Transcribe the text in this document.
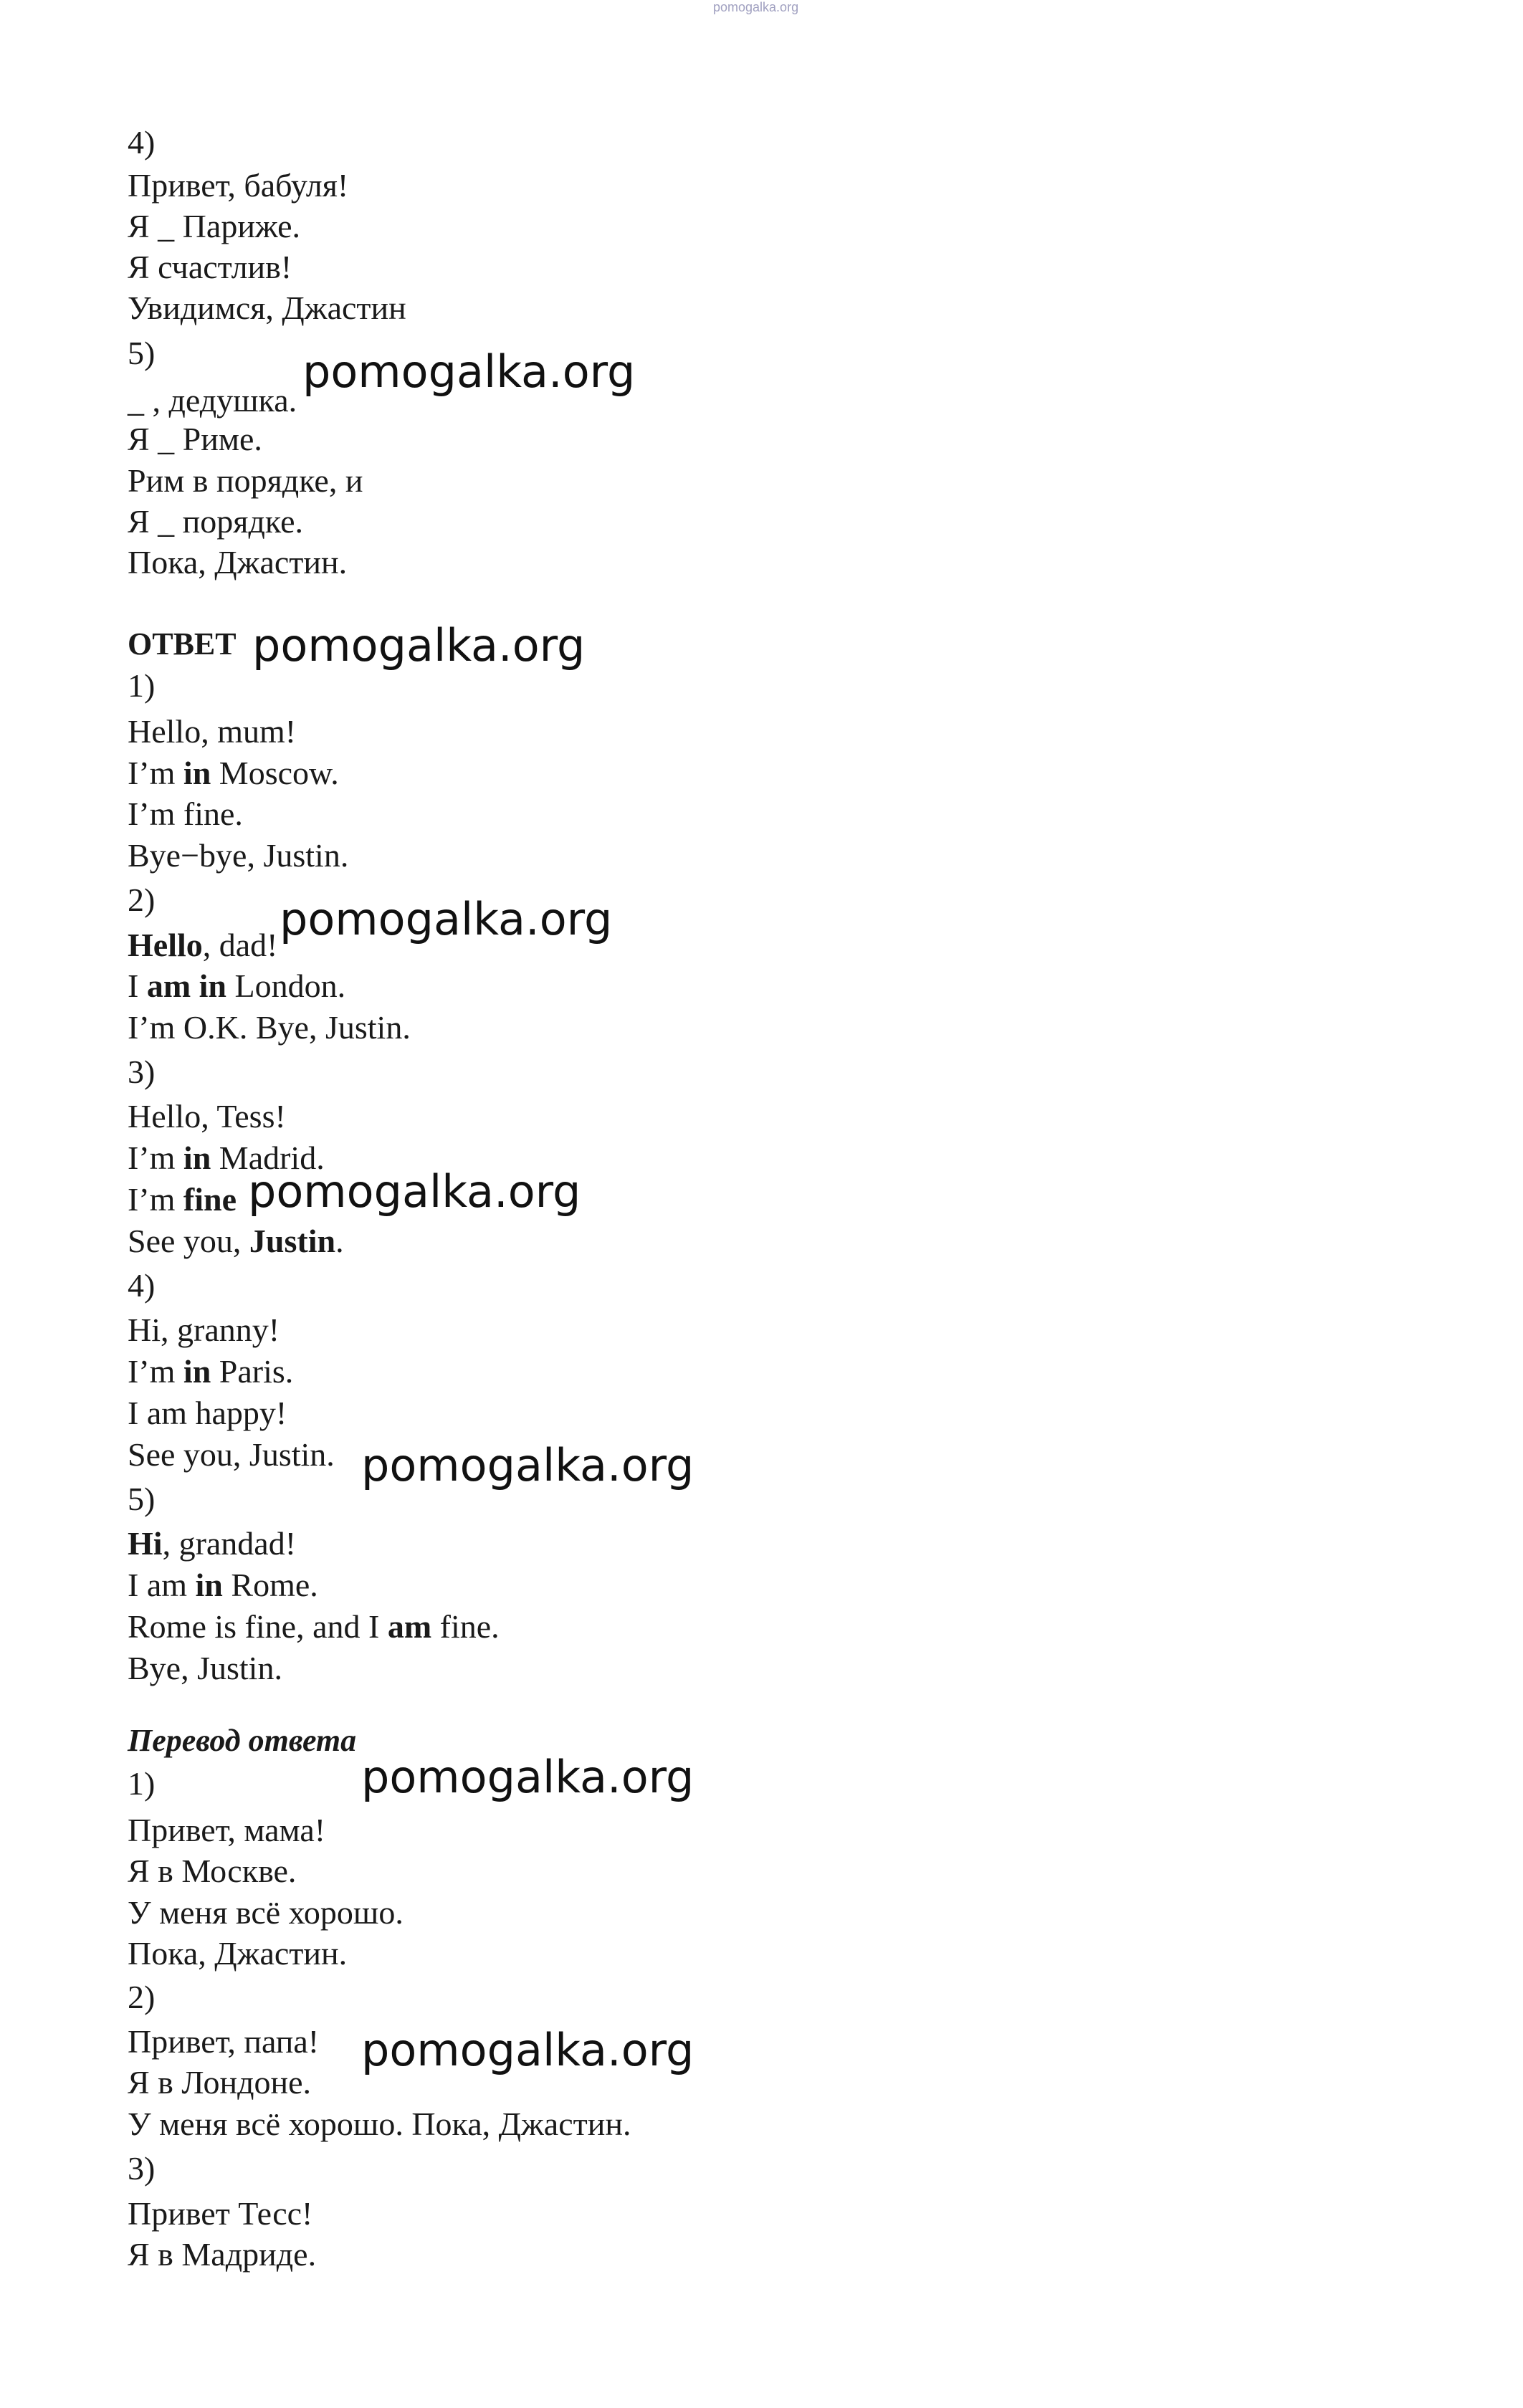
pomogalka.org
4)
Привет, бабуля!
Я _ Париже.
Я счастлив!
Увидимся, Джастин
5)
_ , дедушка.
Я _ Риме.
Рим в порядке, и
Я _ порядке.
Пока, Джастин.
ОТВЕТ
1)
Hello, mum!
I’m in Moscow.
I’m fine.
Bye−bye, Justin.
2)
Hello, dad!
I am in London.
I’m O.K. Bye, Justin.
3)
Hello, Tess!
I’m in Madrid.
I’m fine
See you, Justin.
4)
Hi, granny!
I’m in Paris.
I am happy!
See you, Justin.
5)
Hi, grandad!
I am in Rome.
Rome is fine, and I am fine.
Bye, Justin.
Перевод ответа
1)
Привет, мама!
Я в Москве.
У меня всё хорошо.
Пока, Джастин.
2)
Привет, папа!
Я в Лондоне.
У меня всё хорошо. Пока, Джастин.
3)
Привет Тесс!
Я в Мадриде.
pomogalka.org
pomogalka.org
pomogalka.org
pomogalka.org
pomogalka.org
pomogalka.org
pomogalka.org
